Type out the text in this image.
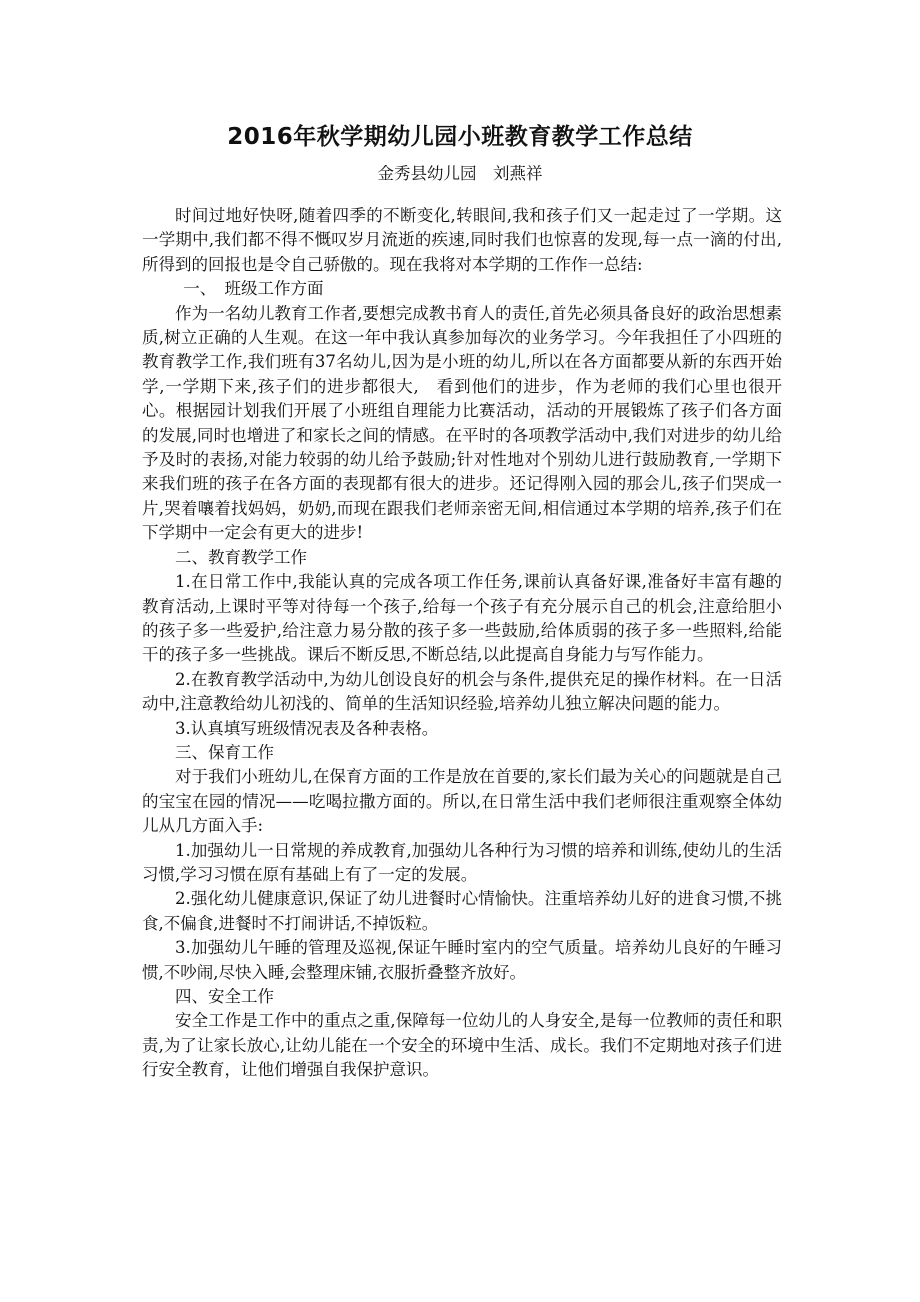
2016年秋学期幼儿园小班教育教学工作总结
金秀县幼儿园　刘燕祥

时间过地好快呀,随着四季的不断变化,转眼间,我和孩子们又一起走过了一学期。这一学期中,我们都不得不慨叹岁月流逝的疾速,同时我们也惊喜的发现,每一点一滴的付出,所得到的回报也是令自己骄傲的。现在我将对本学期的工作作一总结:

一、　班级工作方面

作为一名幼儿教育工作者,要想完成教书育人的责任,首先必须具备良好的政治思想素质,树立正确的人生观。在这一年中我认真参加每次的业务学习。今年我担任了小四班的教育教学工作,我们班有37名幼儿,因为是小班的幼儿,所以在各方面都要从新的东西开始学,一学期下来,孩子们的进步都很大,　看到他们的进步，作为老师的我们心里也很开心。根据园计划我们开展了小班组自理能力比赛活动，活动的开展锻炼了孩子们各方面的发展,同时也增进了和家长之间的情感。在平时的各项教学活动中,我们对进步的幼儿给予及时的表扬,对能力较弱的幼儿给予鼓励;针对性地对个别幼儿进行鼓励教育,一学期下来我们班的孩子在各方面的表现都有很大的进步。还记得刚入园的那会儿,孩子们哭成一片,哭着嚷着找妈妈，奶奶,而现在跟我们老师亲密无间,相信通过本学期的培养,孩子们在下学期中一定会有更大的进步!

二、教育教学工作

1.在日常工作中,我能认真的完成各项工作任务,课前认真备好课,准备好丰富有趣的教育活动,上课时平等对待每一个孩子,给每一个孩子有充分展示自己的机会,注意给胆小的孩子多一些爱护,给注意力易分散的孩子多一些鼓励,给体质弱的孩子多一些照料,给能干的孩子多一些挑战。课后不断反思,不断总结,以此提高自身能力与写作能力。

2.在教育教学活动中,为幼儿创设良好的机会与条件,提供充足的操作材料。在一日活动中,注意教给幼儿初浅的、简单的生活知识经验,培养幼儿独立解决问题的能力。

3.认真填写班级情况表及各种表格。

三、保育工作

对于我们小班幼儿,在保育方面的工作是放在首要的,家长们最为关心的问题就是自己的宝宝在园的情况——吃喝拉撒方面的。所以,在日常生活中我们老师很注重观察全体幼儿从几方面入手:

1.加强幼儿一日常规的养成教育,加强幼儿各种行为习惯的培养和训练,使幼儿的生活习惯,学习习惯在原有基础上有了一定的发展。

2.强化幼儿健康意识,保证了幼儿进餐时心情愉快。注重培养幼儿好的进食习惯,不挑食,不偏食,进餐时不打闹讲话,不掉饭粒。

3.加强幼儿午睡的管理及巡视,保证午睡时室内的空气质量。培养幼儿良好的午睡习惯,不吵闹,尽快入睡,会整理床铺,衣服折叠整齐放好。

四、安全工作

安全工作是工作中的重点之重,保障每一位幼儿的人身安全,是每一位教师的责任和职责,为了让家长放心,让幼儿能在一个安全的环境中生活、成长。我们不定期地对孩子们进行安全教育，让他们增强自我保护意识。
